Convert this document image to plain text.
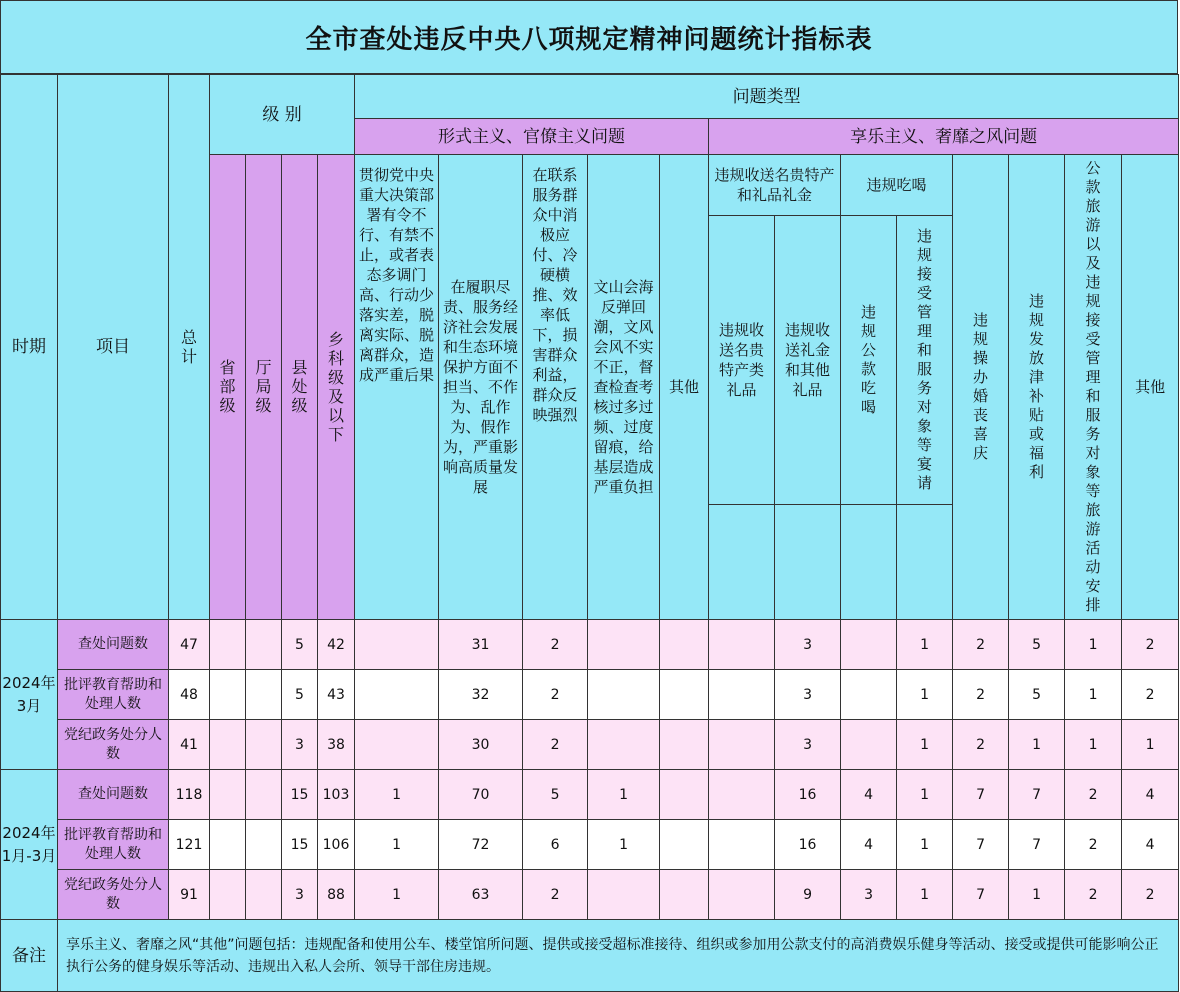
全市查处违反中央八项规定精神问题统计指标表
时期	项目	总计	级 别				问题类型												
							形式主义、官僚主义问题					享乐主义、奢靡之风问题							
			省部级	厅局级	县处级	乡科级及以下	贯彻党中央重大决策部署有令不行、有禁不止，或者表态多调门高、行动少落实差，脱离实际、脱离群众，造成严重后果	在履职尽责、服务经济社会发展和生态环境保护方面不担当、不作为、乱作为、假作为，严重影响高质量发展	在联系服务群众中消极应付、冷硬横推、效率低下，损害群众利益，群众反映强烈	文山会海反弹回潮，文风会风不实不正，督查检查考核过多过频、过度留痕，给基层造成严重负担	其他	违规收送名贵特产和礼品礼金		违规吃喝		违规操办婚丧喜庆	违规发放津补贴或福利	公款旅游以及违规接受管理和服务对象等旅游活动安排	其他
												违规收送名贵特产类礼品	违规收送礼金和其他礼品	违规公款吃喝	违规接受管理和服务对象等宴请				

2024年3月	查处问题数	47			5	42		31	2				3		1	2	5	1	2
	批评教育帮助和处理人数	48			5	43		32	2				3		1	2	5	1	2
	党纪政务处分人数	41			3	38		30	2				3		1	2	1	1	1
2024年1月-3月	查处问题数	118			15	103	1	70	5	1			16	4	1	7	7	2	4
	批评教育帮助和处理人数	121			15	106	1	72	6	1			16	4	1	7	7	2	4
	党纪政务处分人数	91			3	88	1	63	2				9	3	1	7	1	2	2
备注	享乐主义、奢靡之风“其他”问题包括：违规配备和使用公车、楼堂馆所问题、提供或接受超标准接待、组织或参加用公款支付的高消费娱乐健身等活动、接受或提供可能影响公正执行公务的健身娱乐等活动、违规出入私人会所、领导干部住房违规。																		
